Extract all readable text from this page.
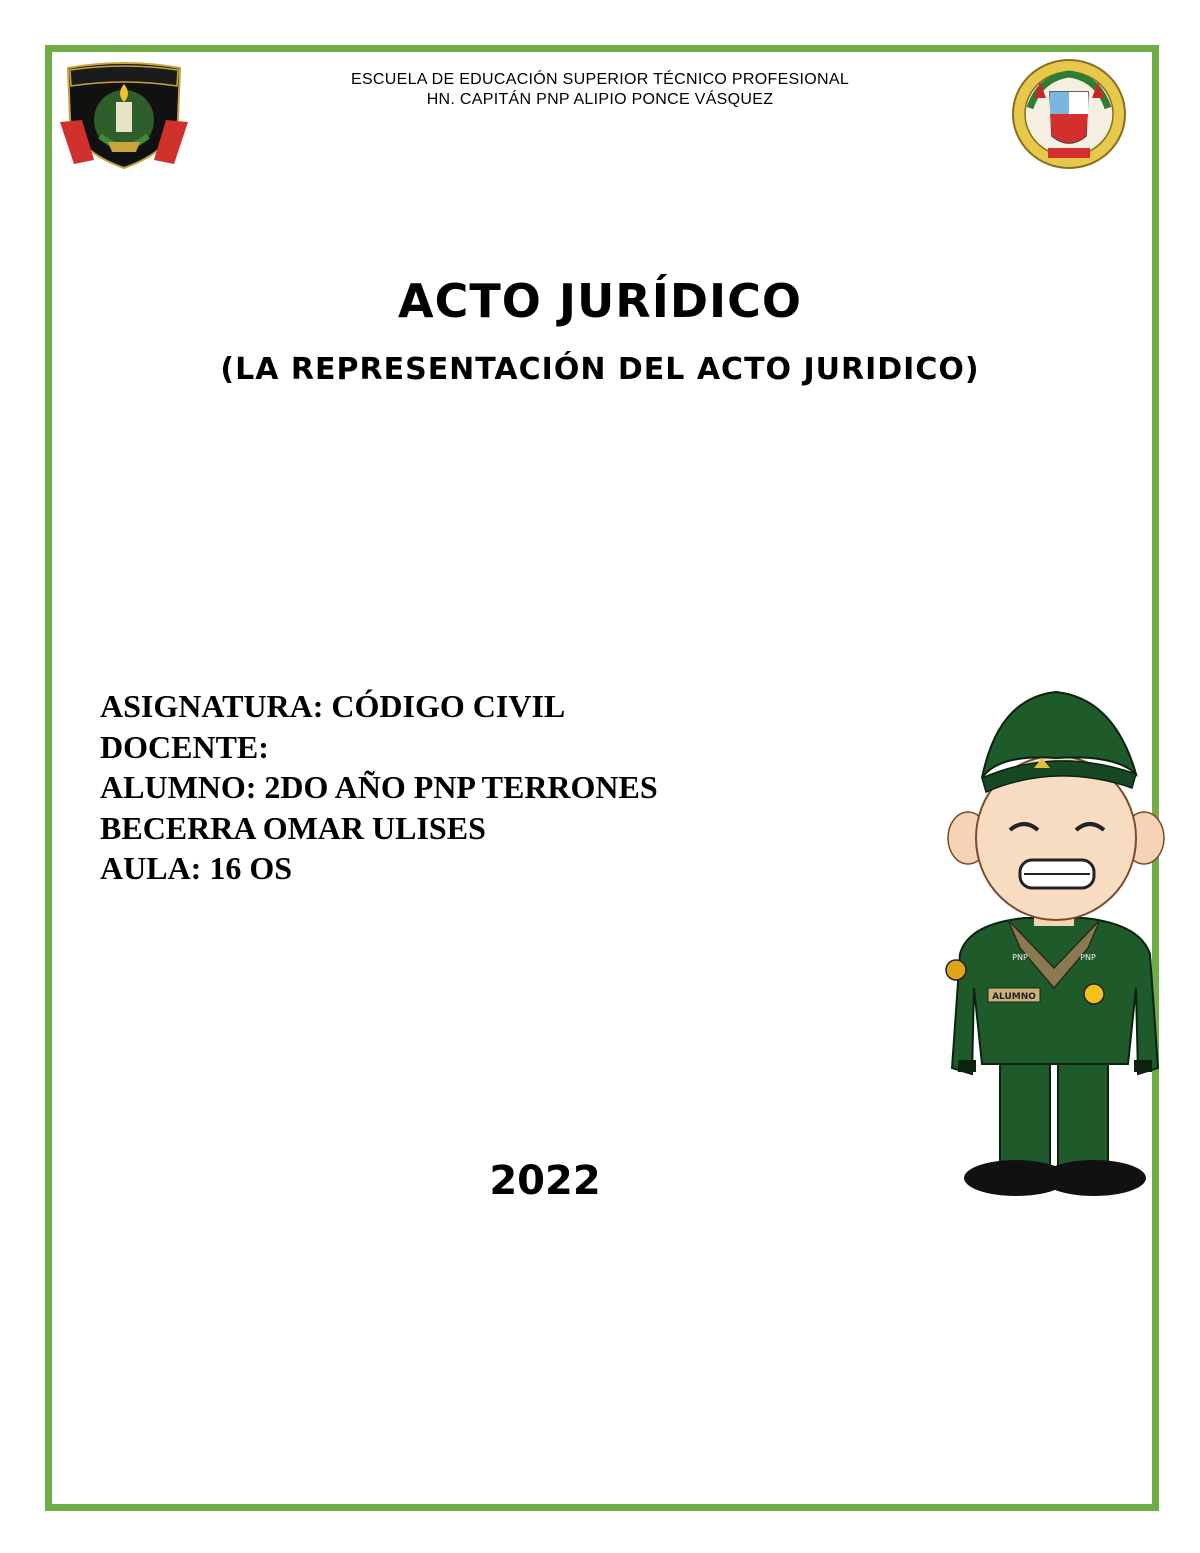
ESCUELA DE EDUCACIÓN SUPERIOR TÉCNICO PROFESIONAL
HN. CAPITÁN PNP ALIPIO PONCE VÁSQUEZ
ACTO JURÍDICO
(LA REPRESENTACIÓN DEL ACTO JURIDICO)
ASIGNATURA: CÓDIGO CIVIL
DOCENTE:
ALUMNO: 2DO AÑO PNP TERRONES
BECERRA OMAR ULISES
AULA: 16 OS
2022
ALUMNO
PNP	PNP
